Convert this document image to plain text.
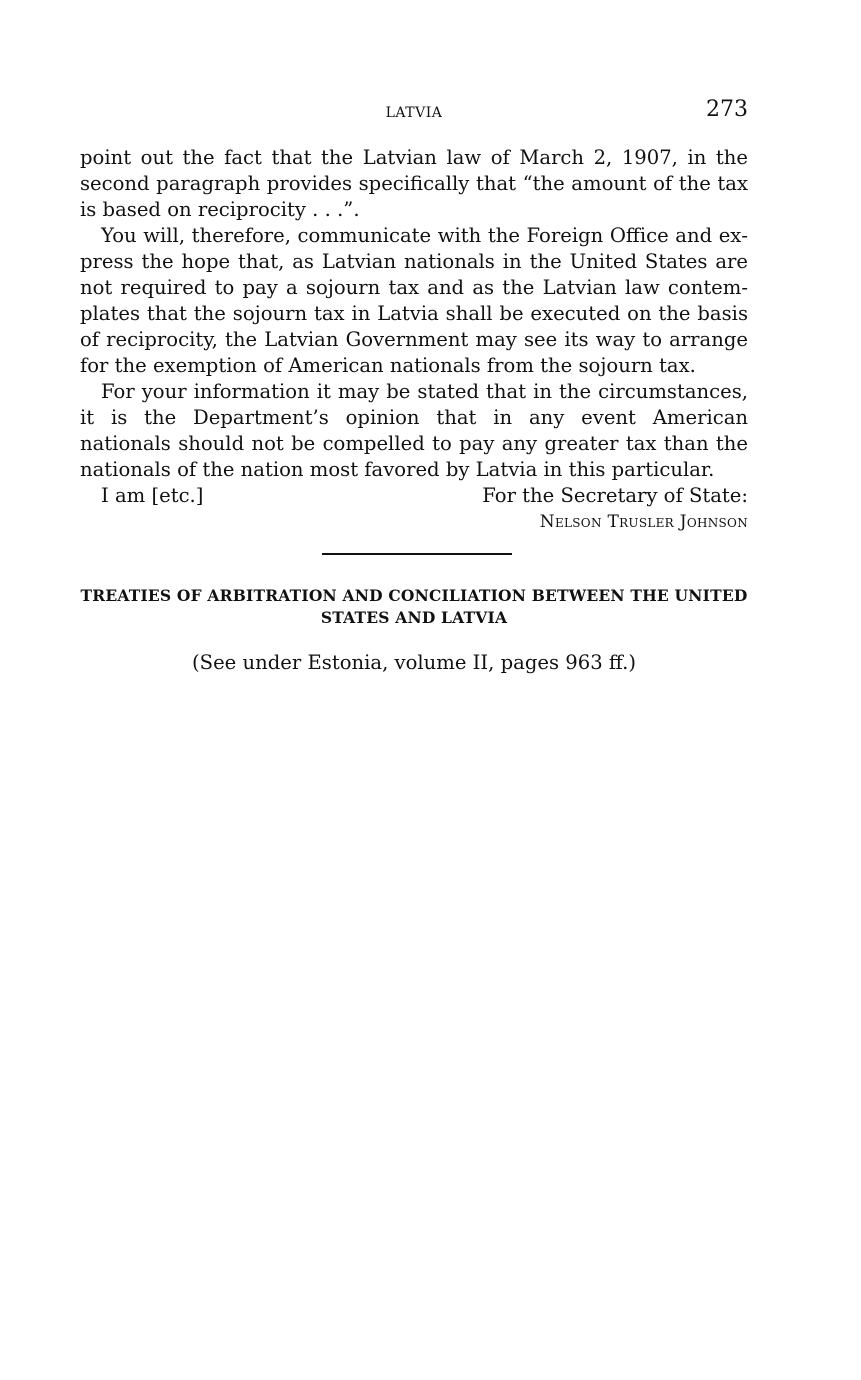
LATVIA	273

point out the fact that the Latvian law of March 2, 1907, in the second paragraph provides specifically that “the amount of the tax is based on reciprocity . . .”.

You will, therefore, communicate with the Foreign Office and express the hope that, as Latvian nationals in the United States are not required to pay a sojourn tax and as the Latvian law contemplates that the sojourn tax in Latvia shall be executed on the basis of reciprocity, the Latvian Government may see its way to arrange for the exemption of American nationals from the sojourn tax.

For your information it may be stated that in the circumstances, it is the Department’s opinion that in any event American nationals should not be compelled to pay any greater tax than the nationals of the nation most favored by Latvia in this particular.

I am [etc.]	For the Secretary of State:

Nelson Trusler Johnson

TREATIES OF ARBITRATION AND CONCILIATION BETWEEN THE UNITED STATES AND LATVIA
(See under Estonia, volume II, pages 963 ff.)
